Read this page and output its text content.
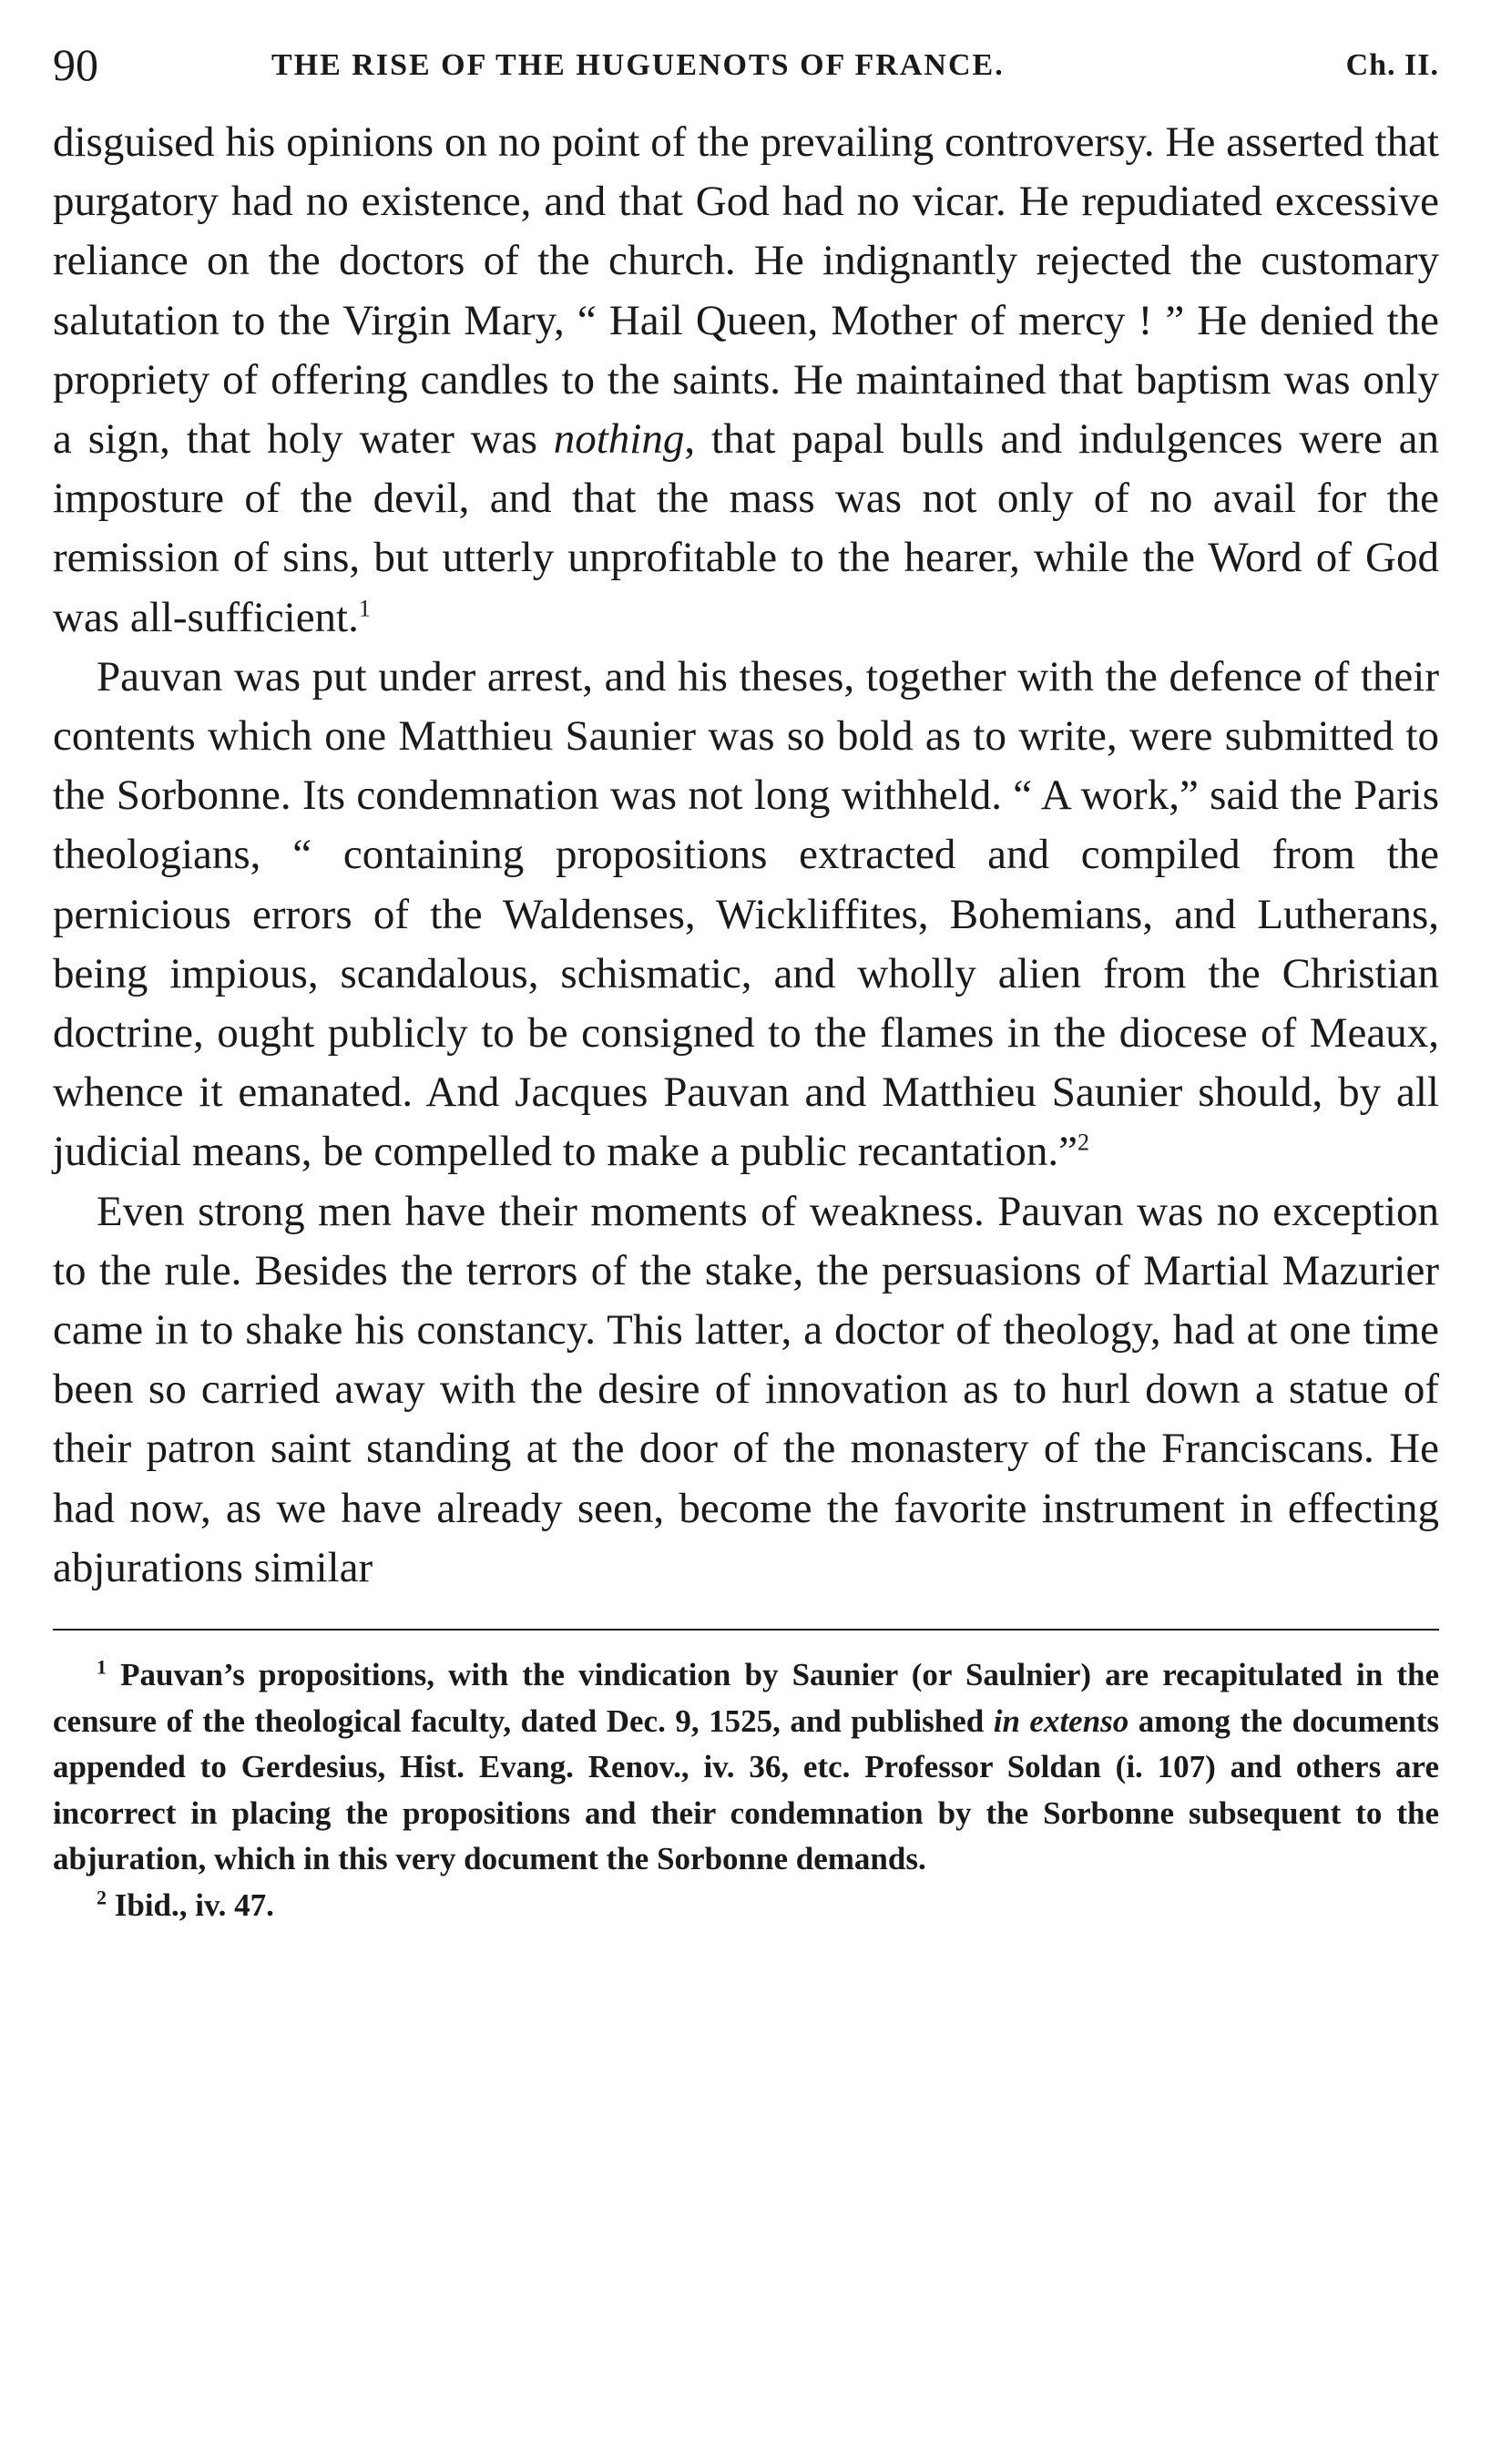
90	THE RISE OF THE HUGUENOTS OF FRANCE.	Ch. II.

disguised his opinions on no point of the prevailing controversy. He asserted that purgatory had no existence, and that God had no vicar. He repudiated excessive reliance on the doctors of the church. He indignantly rejected the customary salutation to the Virgin Mary, “ Hail Queen, Mother of mercy ! ” He denied the propriety of offering candles to the saints. He maintained that baptism was only a sign, that holy water was nothing, that papal bulls and indulgences were an imposture of the devil, and that the mass was not only of no avail for the remission of sins, but utterly unprofitable to the hearer, while the Word of God was all-sufficient.$^1$

Pauvan was put under arrest, and his theses, together with the defence of their contents which one Matthieu Saunier was so bold as to write, were submitted to the Sorbonne. Its condemnation was not long withheld. “ A work,” said the Paris theologians, “ containing propositions extracted and compiled from the pernicious errors of the Waldenses, Wickliffites, Bohemians, and Lutherans, being impious, scandalous, schismatic, and wholly alien from the Christian doctrine, ought publicly to be consigned to the flames in the diocese of Meaux, whence it emanated. And Jacques Pauvan and Matthieu Saunier should, by all judicial means, be compelled to make a public recantation.”$^2$

Even strong men have their moments of weakness. Pauvan was no exception to the rule. Besides the terrors of the stake, the persuasions of Martial Mazurier came in to shake his constancy. This latter, a doctor of theology, had at one time been so carried away with the desire of innovation as to hurl down a statue of their patron saint standing at the door of the monastery of the Franciscans. He had now, as we have already seen, become the favorite instrument in effecting abjurations similar

$^1$ Pauvan’s propositions, with the vindication by Saunier (or Saulnier) are recapitulated in the censure of the theological faculty, dated Dec. 9, 1525, and published in extenso among the documents appended to Gerdesius, Hist. Evang. Renov., iv. 36, etc. Professor Soldan (i. 107) and others are incorrect in placing the propositions and their condemnation by the Sorbonne subsequent to the abjuration, which in this very document the Sorbonne demands.

$^2$ Ibid., iv. 47.
